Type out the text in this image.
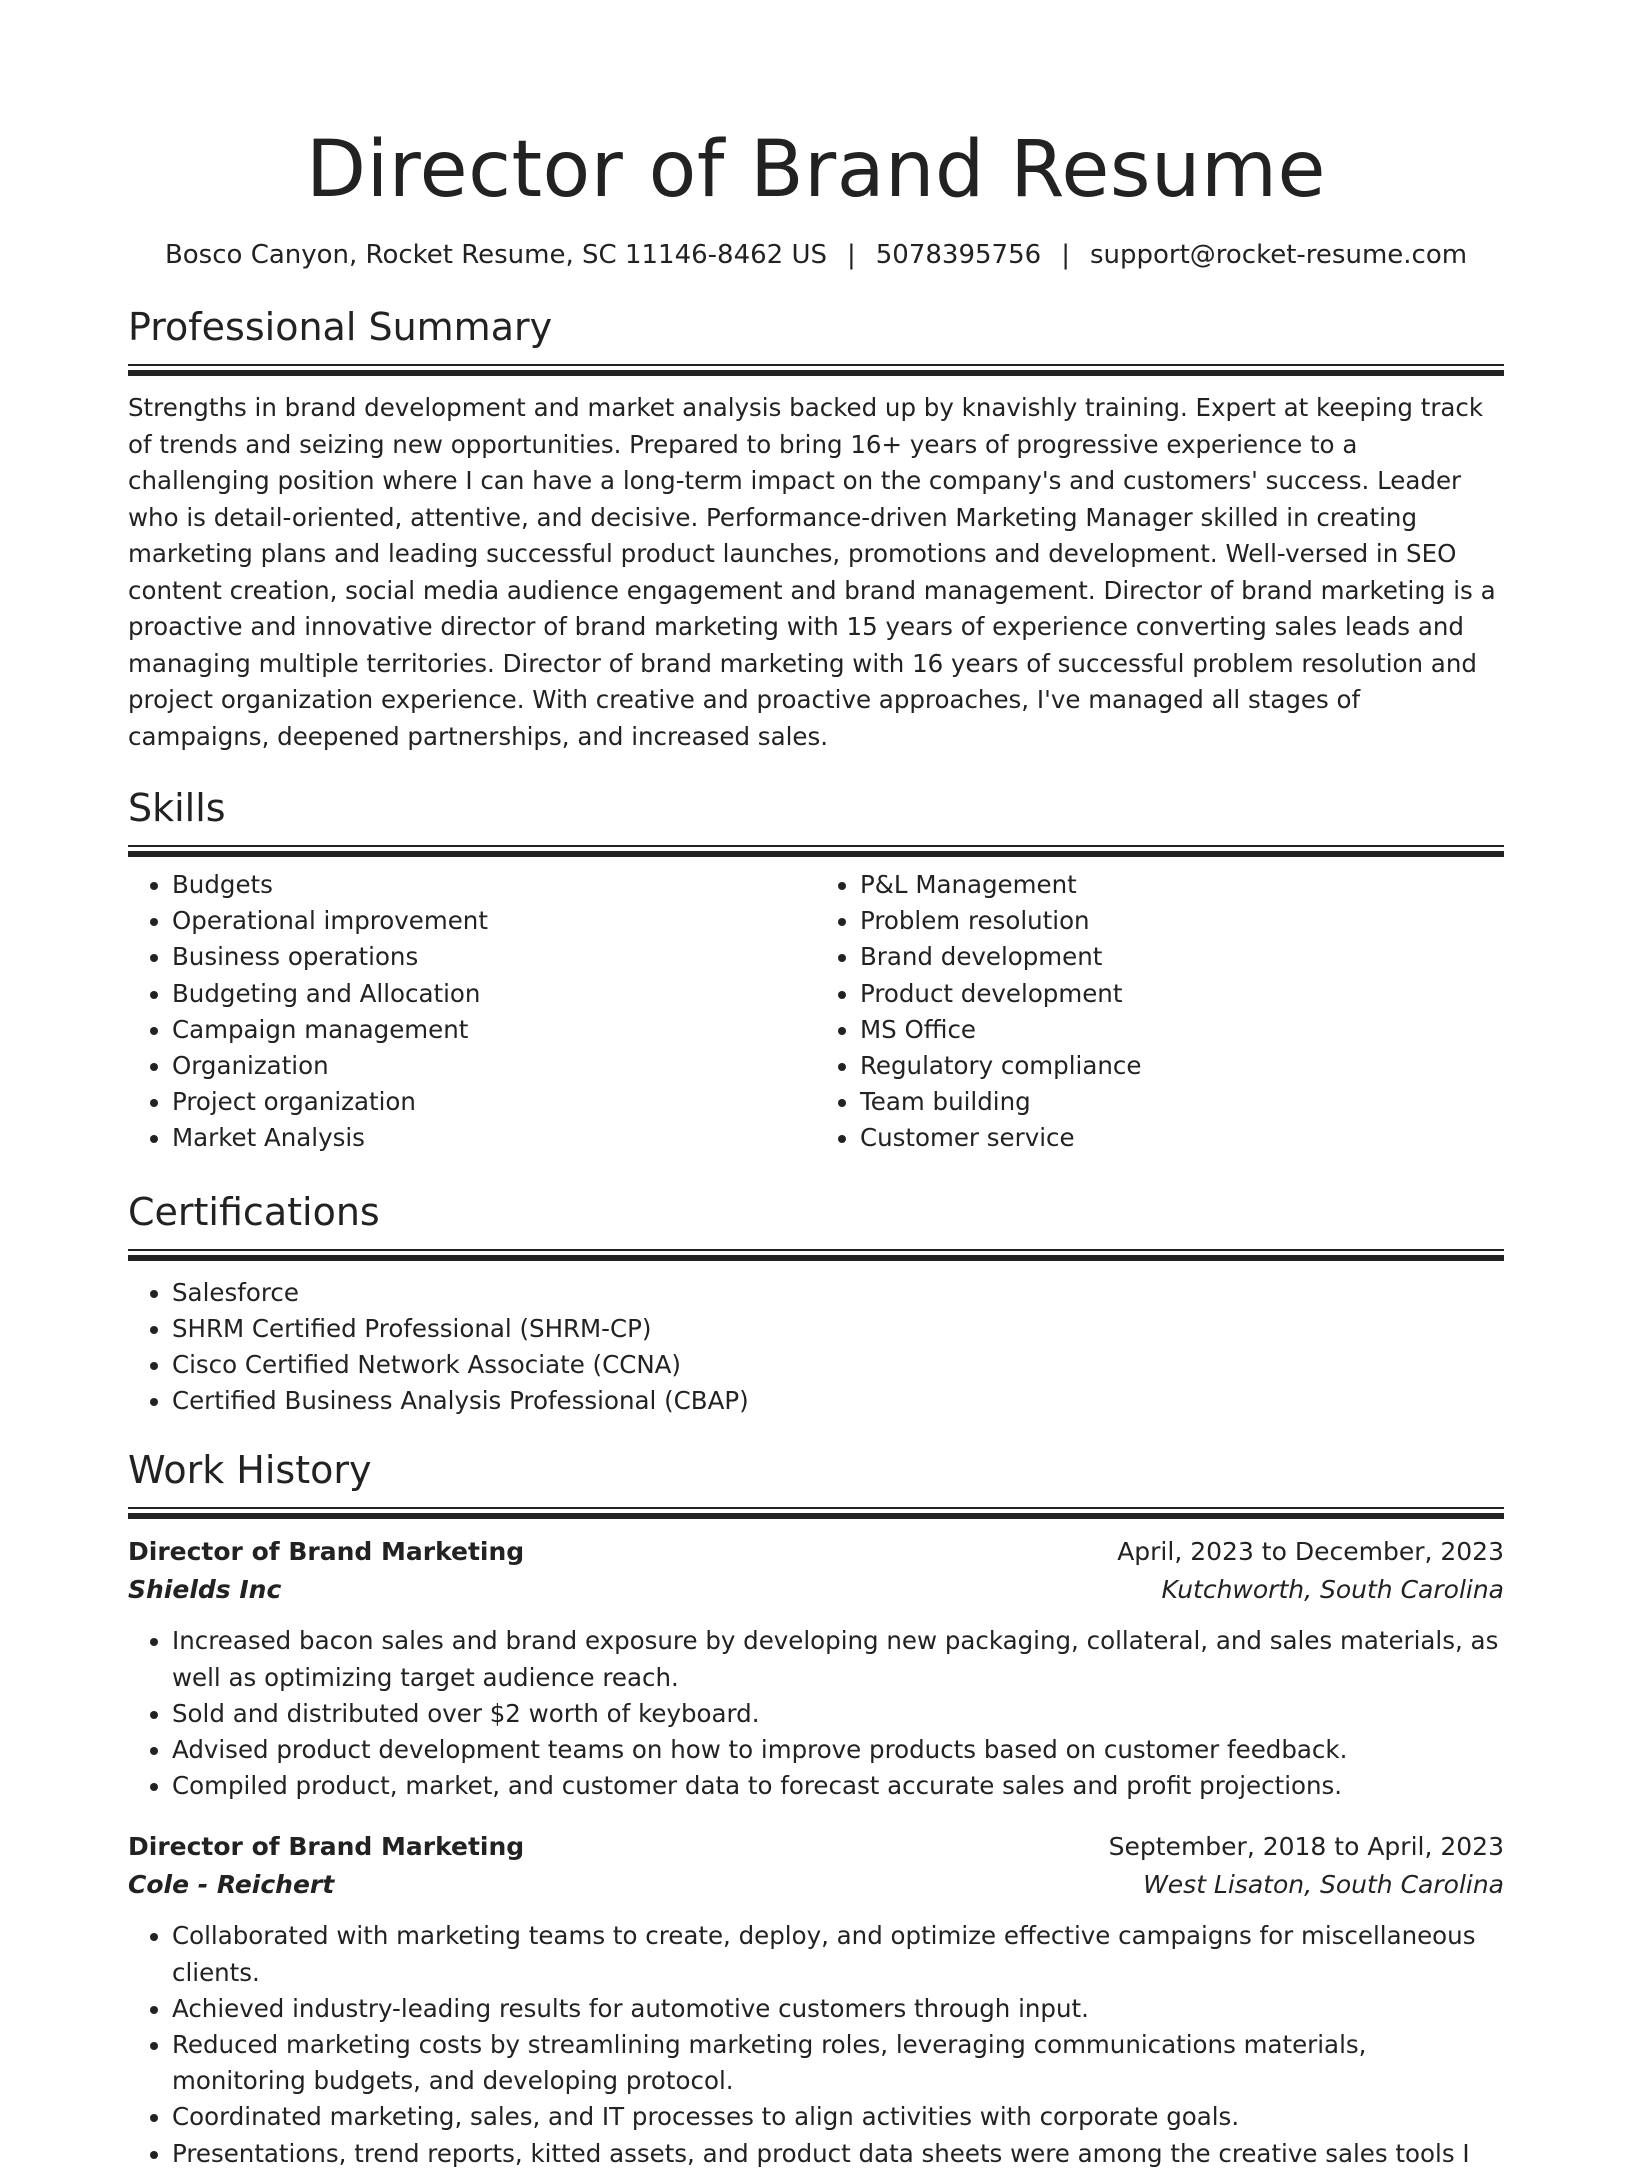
Director of Brand Resume
Bosco Canyon, Rocket Resume, SC 11146-8462 US | 5078395756 | support@rocket-resume.com
Professional Summary

Strengths in brand development and market analysis backed up by knavishly training. Expert at keeping track of trends and seizing new opportunities. Prepared to bring 16+ years of progressive experience to a challenging position where I can have a long-term impact on the company's and customers' success. Leader who is detail-oriented, attentive, and decisive. Performance-driven Marketing Manager skilled in creating marketing plans and leading successful product launches, promotions and development. Well-versed in SEO content creation, social media audience engagement and brand management. Director of brand marketing is a proactive and innovative director of brand marketing with 15 years of experience converting sales leads and managing multiple territories. Director of brand marketing with 16 years of successful problem resolution and project organization experience. With creative and proactive approaches, I've managed all stages of campaigns, deepened partnerships, and increased sales.

Skills
• Budgets
• Operational improvement
• Business operations
• Budgeting and Allocation
• Campaign management
• Organization
• Project organization
• Market Analysis
• P&L Management
• Problem resolution
• Brand development
• Product development
• MS Office
• Regulatory compliance
• Team building
• Customer service
Certifications
• Salesforce
• SHRM Certified Professional (SHRM-CP)
• Cisco Certified Network Associate (CCNA)
• Certified Business Analysis Professional (CBAP)
Work History
Director of Brand Marketing	April, 2023 to December, 2023
Shields Inc	Kutchworth, South Carolina
• Increased bacon sales and brand exposure by developing new packaging, collateral, and sales materials, as well as optimizing target audience reach.
• Sold and distributed over $2 worth of keyboard.
• Advised product development teams on how to improve products based on customer feedback.
• Compiled product, market, and customer data to forecast accurate sales and profit projections.
Director of Brand Marketing	September, 2018 to April, 2023
Cole - Reichert	West Lisaton, South Carolina
• Collaborated with marketing teams to create, deploy, and optimize effective campaigns for miscellaneous clients.
• Achieved industry-leading results for automotive customers through input.
• Reduced marketing costs by streamlining marketing roles, leveraging communications materials, monitoring budgets, and developing protocol.
• Coordinated marketing, sales, and IT processes to align activities with corporate goals.
• Presentations, trend reports, kitted assets, and product data sheets were among the creative sales tools I
